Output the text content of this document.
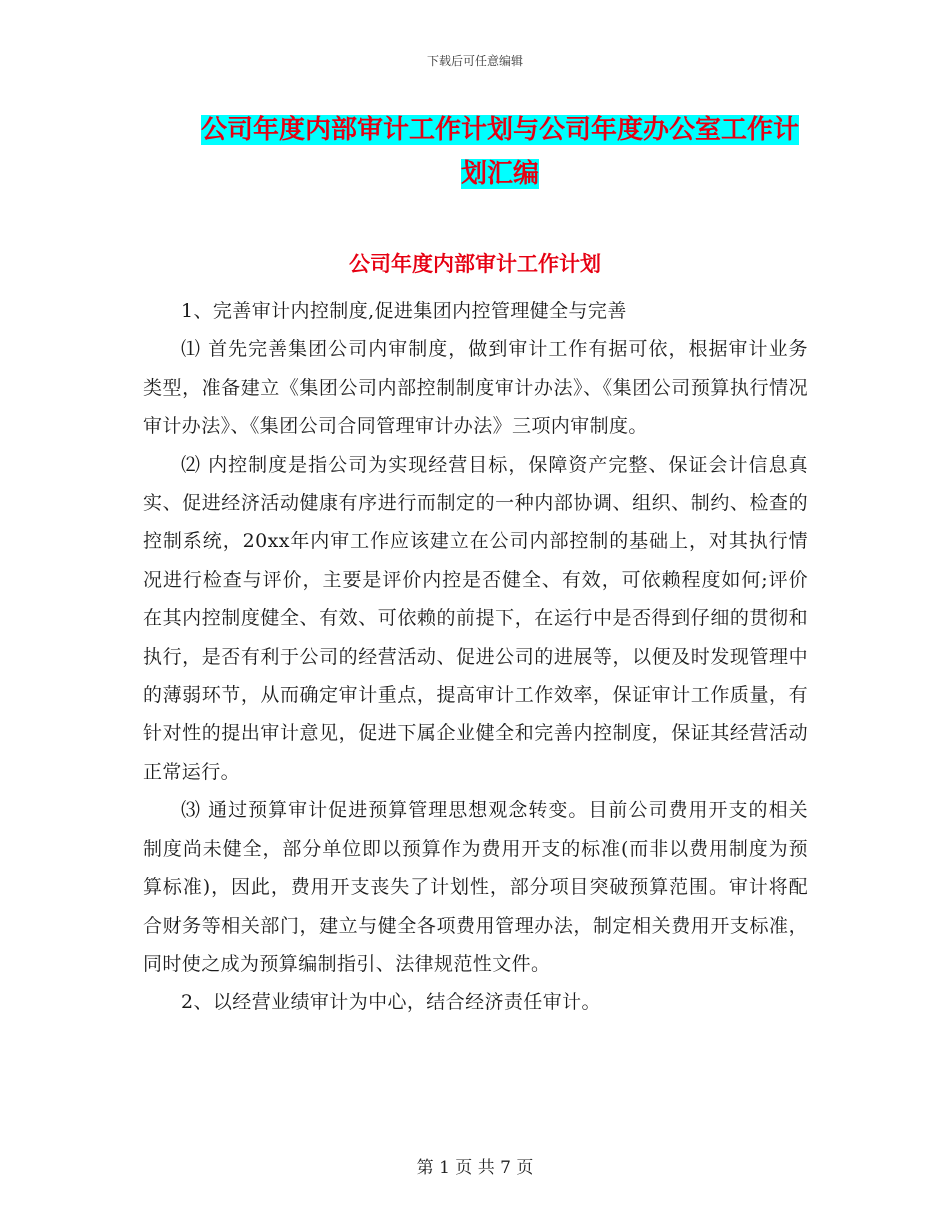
下载后可任意编辑
公司年度内部审计工作计划与公司年度办公室工作计
划汇编
公司年度内部审计工作计划

1、完善审计内控制度,促进集团内控管理健全与完善

⑴ 首先完善集团公司内审制度，做到审计工作有据可依，根据审计业务类型，准备建立《集团公司内部控制制度审计办法》、《集团公司预算执行情况审计办法》、《集团公司合同管理审计办法》三项内审制度。

⑵ 内控制度是指公司为实现经营目标，保障资产完整、保证会计信息真实、促进经济活动健康有序进行而制定的一种内部协调、组织、制约、检查的控制系统，20xx年内审工作应该建立在公司内部控制的基础上，对其执行情况进行检查与评价，主要是评价内控是否健全、有效，可依赖程度如何;评价在其内控制度健全、有效、可依赖的前提下，在运行中是否得到仔细的贯彻和执行，是否有利于公司的经营活动、促进公司的进展等，以便及时发现管理中的薄弱环节，从而确定审计重点，提高审计工作效率，保证审计工作质量，有针对性的提出审计意见，促进下属企业健全和完善内控制度，保证其经营活动正常运行。

⑶ 通过预算审计促进预算管理思想观念转变。目前公司费用开支的相关制度尚未健全，部分单位即以预算作为费用开支的标准(而非以费用制度为预算标准)，因此，费用开支丧失了计划性，部分项目突破预算范围。审计将配合财务等相关部门，建立与健全各项费用管理办法，制定相关费用开支标准，同时使之成为预算编制指引、法律规范性文件。

2、以经营业绩审计为中心，结合经济责任审计。

第 1 页 共 7 页
